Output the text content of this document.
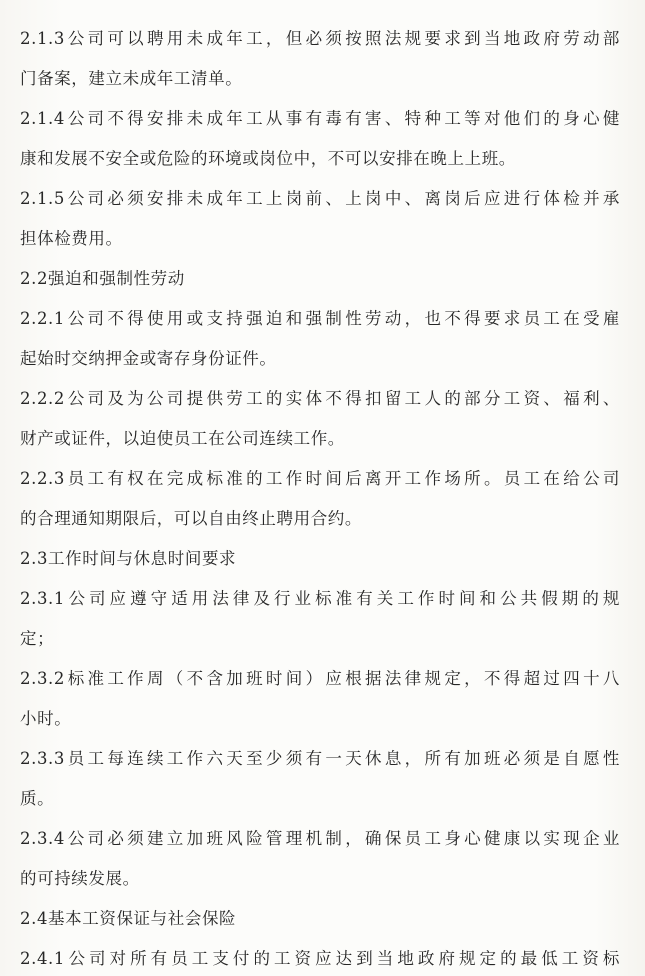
2.1.3公司可以聘用未成年工，但必须按照法规要求到当地政府劳动部
门备案，建立未成年工清单。
2.1.4公司不得安排未成年工从事有毒有害、特种工等对他们的身心健
康和发展不安全或危险的环境或岗位中，不可以安排在晚上上班。
2.1.5公司必须安排未成年工上岗前、上岗中、离岗后应进行体检并承
担体检费用。
2.2强迫和强制性劳动
2.2.1公司不得使用或支持强迫和强制性劳动，也不得要求员工在受雇
起始时交纳押金或寄存身份证件。
2.2.2公司及为公司提供劳工的实体不得扣留工人的部分工资、福利、
财产或证件，以迫使员工在公司连续工作。
2.2.3员工有权在完成标准的工作时间后离开工作场所。员工在给公司
的合理通知期限后，可以自由终止聘用合约。
2.3工作时间与休息时间要求
2.3.1公司应遵守适用法律及行业标准有关工作时间和公共假期的规
定；
2.3.2标准工作周（不含加班时间）应根据法律规定，不得超过四十八
小时。
2.3.3员工每连续工作六天至少须有一天休息，所有加班必须是自愿性
质。
2.3.4公司必须建立加班风险管理机制，确保员工身心健康以实现企业
的可持续发展。
2.4基本工资保证与社会保险
2.4.1公司对所有员工支付的工资应达到当地政府规定的最低工资标
